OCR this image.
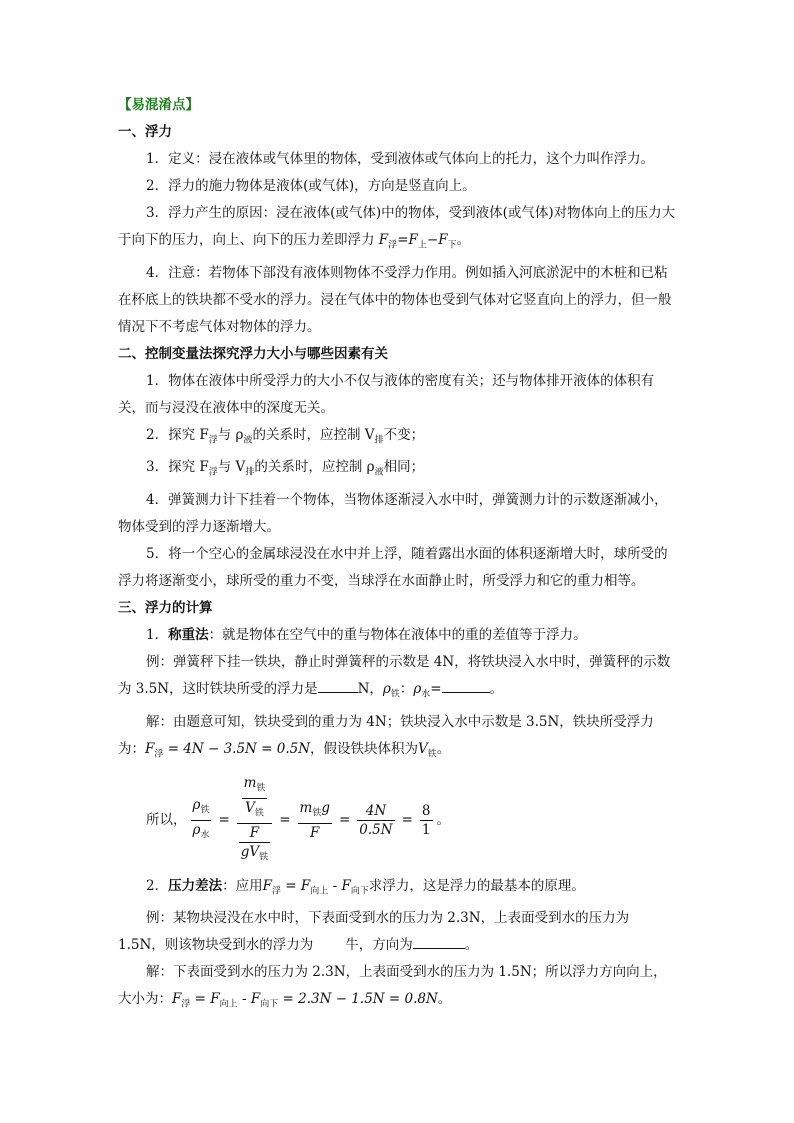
【易混淆点】
一、浮力
1．定义：浸在液体或气体里的物体，受到液体或气体向上的托力，这个力叫作浮力。
2．浮力的施力物体是液体(或气体)，方向是竖直向上。
3．浮力产生的原因：浸在液体(或气体)中的物体，受到液体(或气体)对物体向上的压力大于向下的压力，向上、向下的压力差即浮力 $F_浮=F_上-F_下$。
4．注意：若物体下部没有液体则物体不受浮力作用。例如插入河底淤泥中的木桩和已粘在杯底上的铁块都不受水的浮力。浸在气体中的物体也受到气体对它竖直向上的浮力，但一般情况下不考虑气体对物体的浮力。
二、控制变量法探究浮力大小与哪些因素有关
1．物体在液体中所受浮力的大小不仅与液体的密度有关；还与物体排开液体的体积有关，而与浸没在液体中的深度无关。
2．探究 $F_浮$与 $\rho_液$的关系时，应控制 $V_排$不变；
3．探究 $F_浮$与 $V_排$的关系时，应控制 $\rho_液$相同；
4．弹簧测力计下挂着一个物体，当物体逐渐浸入水中时，弹簧测力计的示数逐渐减小，物体受到的浮力逐渐增大。
5．将一个空心的金属球浸没在水中并上浮，随着露出水面的体积逐渐增大时，球所受的浮力将逐渐变小，球所受的重力不变，当球浮在水面静止时，所受浮力和它的重力相等。
三、浮力的计算
1．称重法：就是物体在空气中的重与物体在液体中的重的差值等于浮力。
例：弹簧秤下挂一铁块，静止时弹簧秤的示数是 4N，将铁块浸入水中时，弹簧秤的示数为 3.5N，这时铁块所受的浮力是	N，$\rho_铁$：$\rho_水=$	。
解：由题意可知，铁块受到的重力为 4N；铁块浸入水中示数是 3.5N，铁块所受浮力为：$F_浮 = 4N - 3.5N = 0.5N$，假设铁块体积为$V_铁$。
所以， $\frac{\rho_铁}{\rho_水} = \frac{\frac{m_铁}{V_铁}}{\frac{F}{gV_铁}} = \frac{m_铁g}{F} = \frac{4N}{0.5N} = \frac{8}{1}$ 。
2．压力差法：应用$F_浮 = F_{向上} - F_{向下}$求浮力，这是浮力的最基本的原理。
例：某物块浸没在水中时，下表面受到水的压力为 2.3N，上表面受到水的压力为 1.5N，则该物块受到水的浮力为 牛，方向为	。
解：下表面受到水的压力为 2.3N，上表面受到水的压力为 1.5N；所以浮力方向向上，大小为：$F_浮 = F_{向上} - F_{向下} = 2.3N - 1.5N = 0.8N$。
